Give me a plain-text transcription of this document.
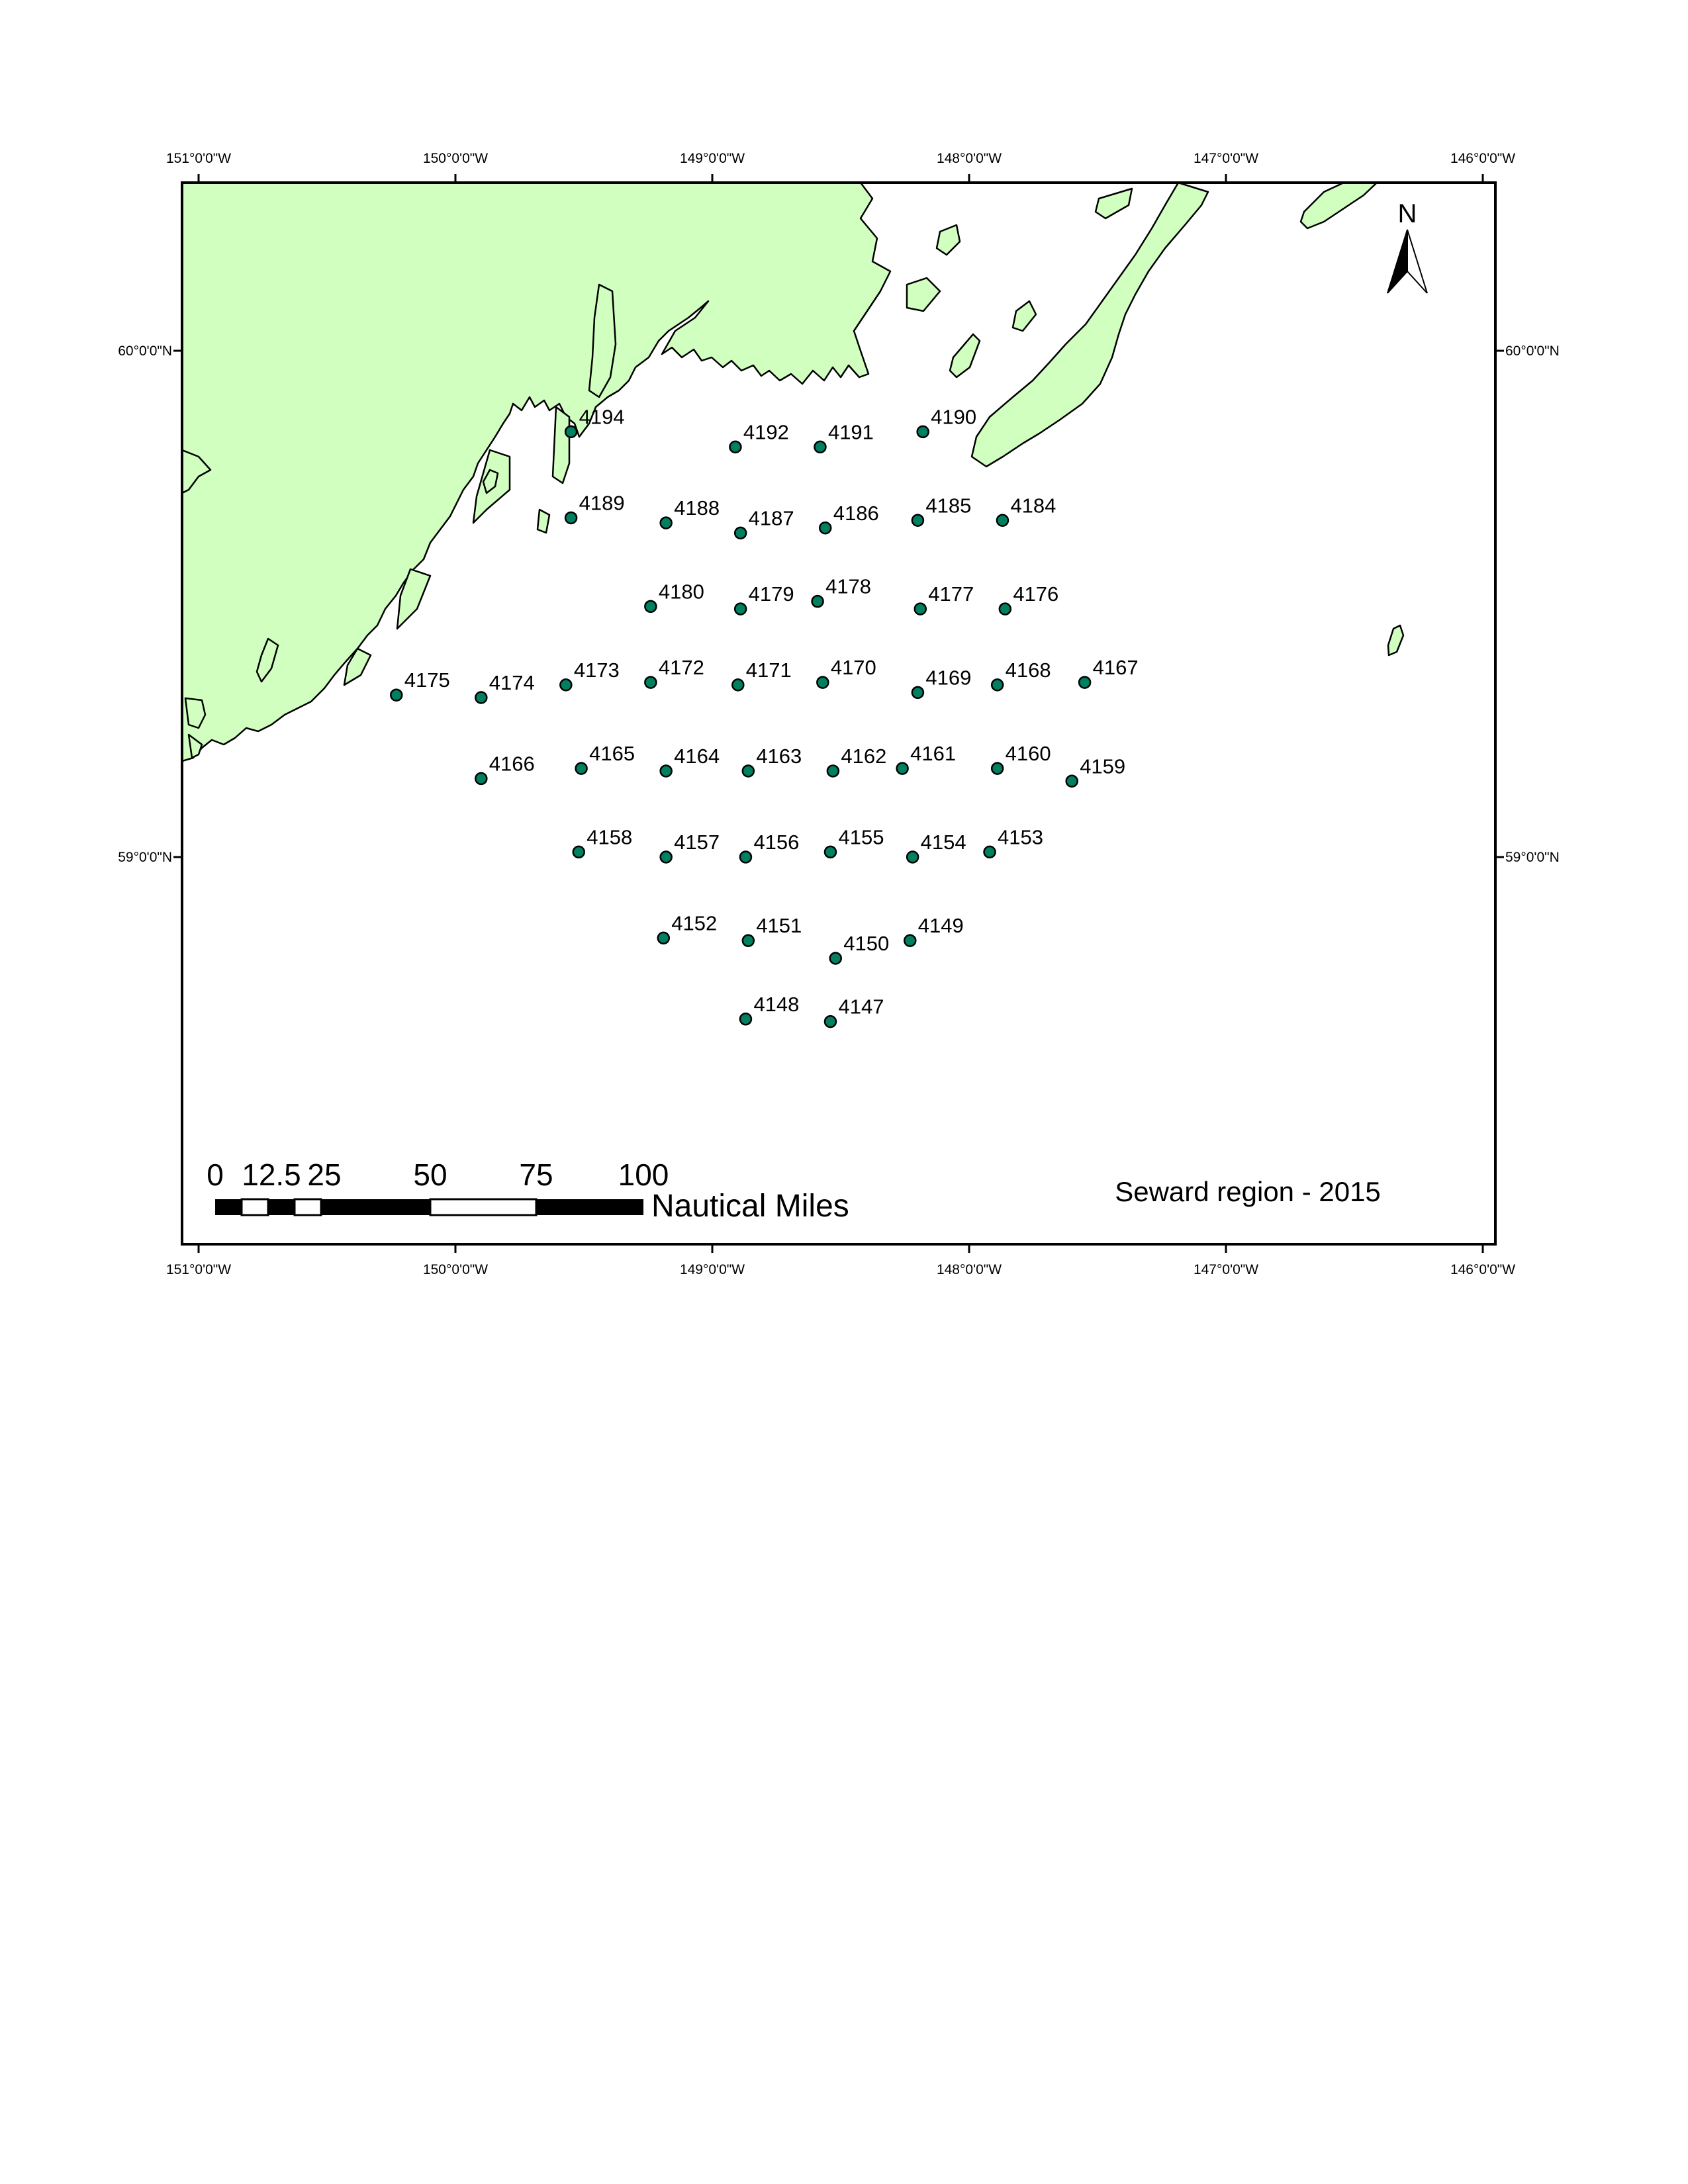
151°0'0"W	150°0'0"W	149°0'0"W	148°0'0"W	147°0'0"W	146°0'0"W
151°0'0"W	150°0'0"W	149°0'0"W	148°0'0"W	147°0'0"W	146°0'0"W
60°0'0"N
59°0'0"N
60°0'0"N
59°0'0"N
4194
4192 4191
4190
4189 4188 4187 4186 4185 4184
4180 4179 4178	4177 4176
4175 4174
4173 4172 4171 4170 4169 4168 4167
4166	4165 4164 4163 4162 4161 4160
4159
4158 4157 4156 4155 4154 4153
4152 4151
4150
4149
4148 4147
N
0 12.5 25 50 75 100
Nautical Miles	Seward region - 2015
